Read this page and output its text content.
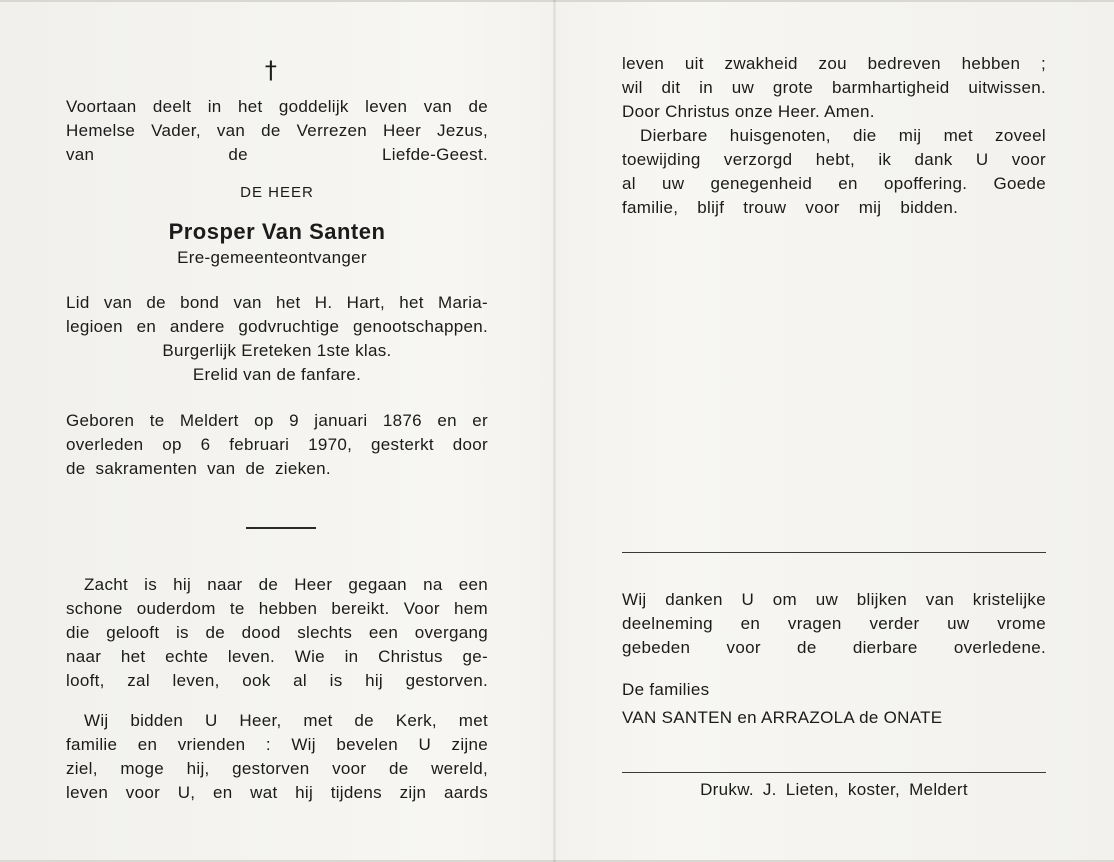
†
Voortaan deelt in het goddelijk leven van de
Hemelse Vader, van de Verrezen Heer Jezus,
van de Liefde-Geest.
DE HEER
Prosper Van Santen
Ere-gemeenteontvanger
Lid van de bond van het H. Hart, het Maria-
legioen en andere godvruchtige genootschappen.
Burgerlijk Ereteken 1ste klas.
Erelid van de fanfare.
Geboren te Meldert op 9 januari 1876 en er
overleden op 6 februari 1970, gesterkt door
de sakramenten van de zieken.
Zacht is hij naar de Heer gegaan na een
schone ouderdom te hebben bereikt. Voor hem
die gelooft is de dood slechts een overgang
naar het echte leven. Wie in Christus ge-
looft, zal leven, ook al is hij gestorven.
Wij bidden U Heer, met de Kerk, met
familie en vrienden : Wij bevelen U zijne
ziel, moge hij, gestorven voor de wereld,
leven voor U, en wat hij tijdens zijn aards
leven uit zwakheid zou bedreven hebben ;
wil dit in uw grote barmhartigheid uitwissen.
Door Christus onze Heer. Amen.
Dierbare huisgenoten, die mij met zoveel
toewijding verzorgd hebt, ik dank U voor
al uw genegenheid en opoffering. Goede
familie, blijf trouw voor mij bidden.
Wij danken U om uw blijken van kristelijke
deelneming en vragen verder uw vrome
gebeden voor de dierbare overledene.
De families
VAN SANTEN en ARRAZOLA de ONATE
Drukw. J. Lieten, koster, Meldert
